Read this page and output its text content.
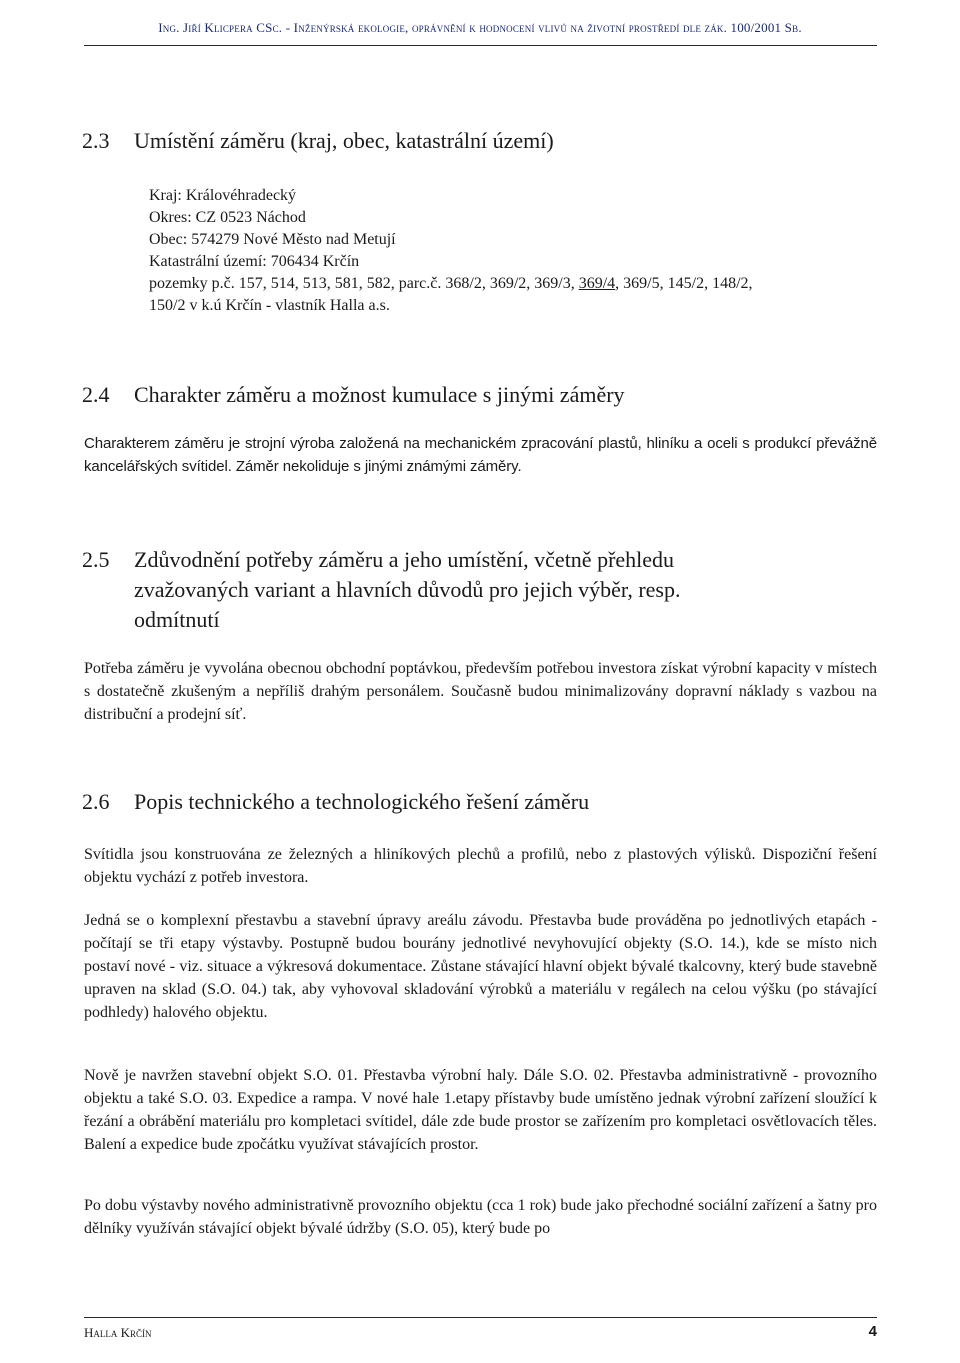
Ing. Jiří Klicpera CSc. - Inženýrská ekologie, oprávnění k hodnocení vlivů na životní prostředí dle zák. 100/2001 Sb.
2.3 Umístění záměru (kraj, obec, katastrální území)
Kraj: Královéhradecký
Okres: CZ 0523 Náchod
Obec: 574279 Nové Město nad Metují
Katastrální území: 706434 Krčín
pozemky p.č. 157, 514, 513, 581, 582, parc.č. 368/2, 369/2, 369/3, 369/4, 369/5, 145/2, 148/2,
150/2 v k.ú Krčín - vlastník Halla a.s.
2.4 Charakter záměru a možnost kumulace s jinými záměry

Charakterem záměru je strojní výroba založená na mechanickém zpracování plastů, hliníku a oceli s produkcí převážně kancelářských svítidel. Záměr nekoliduje s jinými známými záměry.

2.5 Zdůvodnění potřeby záměru a jeho umístění, včetně přehledu
zvažovaných variant a hlavních důvodů pro jejich výběr, resp.
odmítnutí

Potřeba záměru je vyvolána obecnou obchodní poptávkou, především potřebou investora získat výrobní kapacity v místech s dostatečně zkušeným a nepříliš drahým personálem. Současně budou minimalizovány dopravní náklady s vazbou na distribuční a prodejní síť.

2.6 Popis technického a technologického řešení záměru

Svítidla jsou konstruována ze železných a hliníkových plechů a profilů, nebo z plastových výlisků. Dispoziční řešení objektu vychází z potřeb investora.

Jedná se o komplexní přestavbu a stavební úpravy areálu závodu. Přestavba bude prováděna po jednotlivých etapách - počítají se tři etapy výstavby. Postupně budou bourány jednotlivé nevyhovující objekty (S.O. 14.), kde se místo nich postaví nové - viz. situace a výkresová dokumentace. Zůstane stávající hlavní objekt bývalé tkalcovny, který bude stavebně upraven na sklad (S.O. 04.) tak, aby vyhovoval skladování výrobků a materiálu v regálech na celou výšku (po stávající podhledy) halového objektu.

Nově je navržen stavební objekt S.O. 01. Přestavba výrobní haly. Dále S.O. 02. Přestavba administrativně - provozního objektu a také S.O. 03. Expedice a rampa. V nové hale 1.etapy přístavby bude umístěno jednak výrobní zařízení sloužící k řezání a obrábění materiálu pro kompletaci svítidel, dále zde bude prostor se zařízením pro kompletaci osvětlovacích těles. Balení a expedice bude zpočátku využívat stávajících prostor.

Po dobu výstavby nového administrativně provozního objektu (cca 1 rok) bude jako přechodné sociální zařízení a šatny pro dělníky využíván stávající objekt bývalé údržby (S.O. 05), který bude po

Halla Krčín	4
